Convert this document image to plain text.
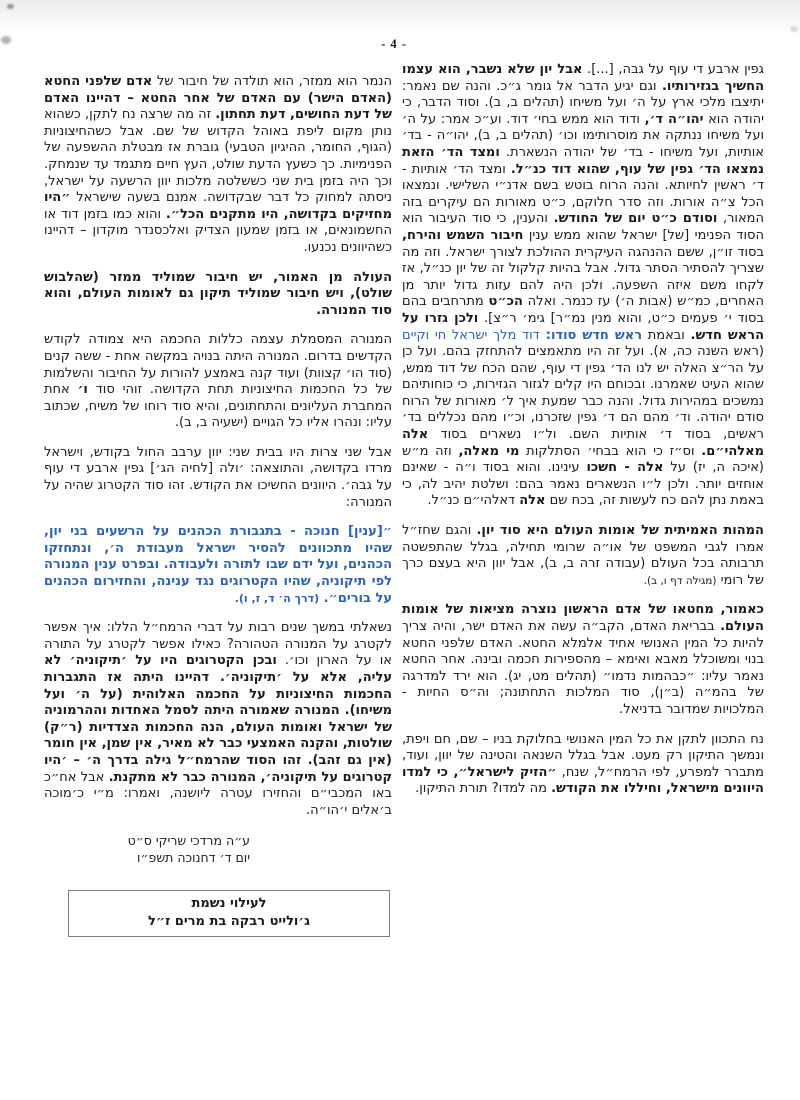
- 4 -

גפין ארבע די עוף על גבה, [...]. אבל יון שלא נשבר, הוא עצמו החשיך בגזירותיו. וגם יגיע הדבר אל גומר ג״כ. והנה שם נאמר: יתיצבו מלכי ארץ על ה׳ ועל משיחו (תהלים ב, ב). וסוד הדבר, כי יהודה הוא יהו״ה ד׳, ודוד הוא ממש בחי׳ דוד. וע״כ אמר: על ה׳ ועל משיחו ננתקה את מוסרותימו וכו׳ (תהלים ב, ב), יהו״ה - בד׳ אותיות, ועל משיחו - בד׳ של יהודה הנשארת. ומצד הד׳ הזאת נמצאו הד׳ גפין של עוף, שהוא דוד כנ״ל. ומצד הד׳ אותיות - ד׳ ראשין לחיותא. והנה הרוח בוטש בשם אדנ״י השלישי. ונמצאו הכל צ״ה אורות. וזה סדר חלוקם, כ״ט מאורות הם עיקרים בזה המאור, וסודם כ״ט יום של החודש. והענין, כי סוד העיבור הוא הסוד הפנימי [של] ישראל שהוא ממש ענין חיבור השמש והירח, בסוד זו״ן, ששם ההנהגה העיקרית ההולכת לצורך ישראל. וזה מה שצריך להסתיר הסתר גדול. אבל בהיות קלקול זה של יון כנ״ל, אז לקחו משם איזה השפעה. ולכן היה להם עזות גדול יותר מן האחרים, כמ״ש (אבות ה׳) עז כנמר. ואלה הכ״ט מתרחבים בהם בסוד י׳ פעמים כ״ט, והוא מנין נמ״ר] גימ׳ ר״צ]. ולכן גזרו על הראש חדש. ובאמת ראש חדש סודו: דוד מלך ישראל חי וקיים (ראש השנה כה, א). ועל זה היו מתאמצים להתחזק בהם. ועל כן על הר״צ האלה יש לנו הד׳ גפין די עוף, שהם הכח של דוד ממש, שהוא העיט שאמרנו. ובכוחם היו קלים לגזור הגזירות, כי כוחותיהם נמשכים במהירות גדול. והנה כבר שמעת איך ל׳ מאורות של הרוח סודם יהודה. וד׳ מהם הם ד׳ גפין שזכרנו, וכ״ו מהם נכללים בד׳ ראשים, בסוד ד׳ אותיות השם. ול״ו נשארים בסוד אלה מאלהי״ם. וס״ז כי הוא בבחי׳ הסתלקות מי מאלה, וזה מ״ש (איכה ה, יז) על אלה - חשכו עינינו. והוא בסוד ו״ה - שאינם אוחזים יותר. ולכן ל״ו הנשארים נאמר בהם: ושלטת יהיב לה, כי באמת נתן להם כח לעשות זה, בכח שם אלה דאלהי״ם כנ״ל.

המהות האמיתית של אומות העולם היא סוד יון. והגם שחז״ל אמרו לגבי המשפט של או״ה שרומי תחילה, בגלל שהתפשטה תרבותה בכל העולם (עבודה זרה ב, ב), אבל יוון היא בעצם כרך של רומי (מגילה דף ו, ב).

כאמור, מחטאו של אדם הראשון נוצרה מציאות של אומות העולם. בבריאת האדם, הקב״ה עשה את האדם ישר, והיה צריך להיות כל המין האנושי אחיד אלמלא החטא. האדם שלפני החטא בנוי ומשוכלל מאבא ואימא – מהספירות חכמה ובינה. אחר החטא נאמר עליו: ״כבהמות נדמו״ (תהלים מט, יג). הוא ירד למדרגה של בהמ״ה (ב״ן), סוד המלכות התחתונה; וה״ס החיות - המלכויות שמדובר בדניאל.

נח התכוון לתקן את כל המין האנושי בחלוקת בניו – שם, חם ויפת, ונמשך התיקון רק מעט. אבל בגלל השנאה והטינה של יוון, ועוד, מתברר למפרע, לפי הרמח״ל, שנח, ״הזיק לישראל״, כי למדו היוונים מישראל, וחיללו את הקודש. מה למדו? תורת התיקון.

הנמר הוא ממזר, הוא תולדה של חיבור של אדם שלפני החטא (האדם הישר) עם האדם של אחר החטא – דהיינו האדם של דעת החושים, דעת תחתון. זה מה שרצה נח לתקן, כשהוא נותן מקום ליפת באוהל הקדוש של שם. אבל כשהחיצוניות (הגוף, החומר, ההיגיון הטבעי) גוברת אז מבטלת ההשפעה של הפנימיות. כך כשעץ הדעת שולט, העץ חיים מתגמד עד שנמחק. וכך היה בזמן בית שני כששלטה מלכות יוון הרשעה על ישראל, ניסתה למחוק כל דבר שבקדושה. אמנם בשעה שישראל ״היו מחזיקים בקדושה, היו מתקנים הכל״. והוא כמו בזמן דוד או החשמונאים, או בזמן שמעון הצדיק ואלכסנדר מוקדון – דהיינו כשהיוונים נכנעו.

העולה מן האמור, יש חיבור שמוליד ממזר (שהלבוש שולט), ויש חיבור שמוליד תיקון גם לאומות העולם, והוא סוד המנורה.

המנורה המסמלת עצמה כללות החכמה היא צמודה לקודש הקדשים בדרום. המנורה היתה בנויה במקשה אחת - ששה קנים (סוד הו׳ קצוות) ועוד קנה באמצע להורות על החיבור והשלמות של כל החכמות החיצוניות תחת הקדושה. זוהי סוד ו׳ אחת המחברת העליונים והתחתונים, והיא סוד רוחו של משיח, שכתוב עליו: ונהרו אליו כל הגויים (ישעיה ב, ב).

אבל שני צרות היו בבית שני: יוון ערבב החול בקודש, וישראל מרדו בקדושה, והתוצאה: ׳ולה [לחיה הג׳] גפין ארבע די עוף על גבה׳. היוונים החשיכו את הקודש. זהו סוד הקטרוג שהיה על המנורה:

״[ענין] חנוכה - בתגבורת הכהנים על הרשעים בני יון, שהיו מתכוונים להסיר ישראל מעבודת ה׳, ונתחזקו הכהנים, ועל ידם שבו לתורה ולעבודה. ובפרט ענין המנורה לפי תיקוניה, שהיו הקטרוגים נגד ענינה, והחזירום הכהנים על בורים״. (דרך ה׳ ד, ז, ו).

נשאלתי במשך שנים רבות על דברי הרמח״ל הללו: איך אפשר לקטרג על המנורה הטהורה? כאילו אפשר לקטרג על התורה או על הארון וכו׳. ובכן הקטרוגים היו על ׳תיקוניה׳ לא עליה, אלא על ׳תיקוניה׳. דהיינו היתה אז התגברות החכמות החיצוניות על החכמה האלוהית (על ה׳ ועל משיחו). המנורה שאמורה היתה לסמל האחדות וההרמוניה של ישראל ואומות העולם, הנה החכמות הצדדיות (ר״ק) שולטות, והקנה האמצעי כבר לא מאיר, אין שמן, אין חומר (אין גם זהב). זהו הסוד שהרמח״ל גילה בדרך ה׳ – ׳היו קטרוגים על תיקוניה׳, המנורה כבר לא מתקנת. אבל אח״כ באו המכבי״ם והחזירו עטרה ליושנה, ואמרו: מ״י כ׳מוכה ב׳אלים י׳הו״ה.

ע״ה מרדכי שריקי ס״ט
יום ד׳ דחנוכה תשפ״ו
לעילוי נשמת
ג׳ולייט רבקה בת מרים ז״ל
